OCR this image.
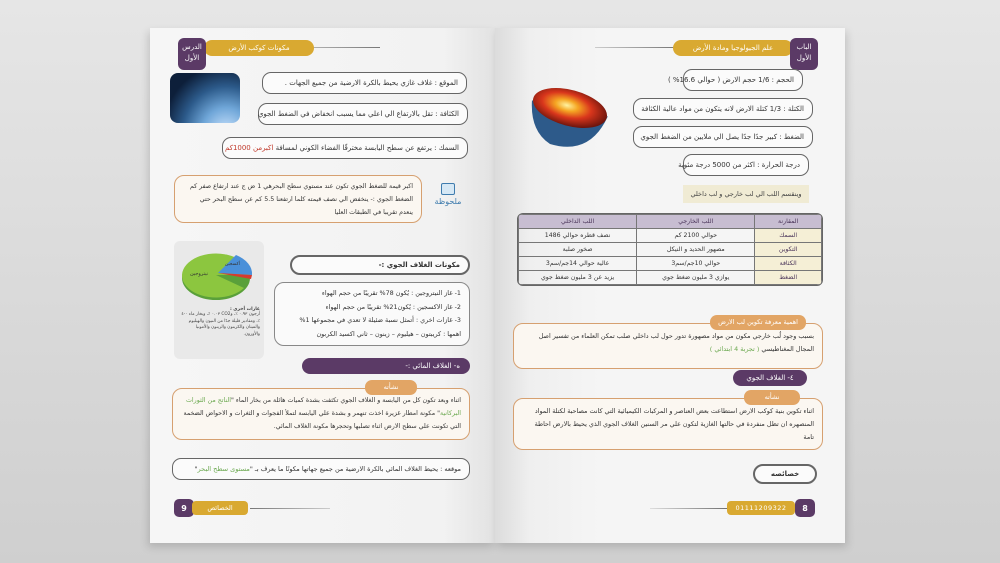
مكونات كوكب الأرض
الدرس
الأول
الموقع :

غلاف غازي يحيط بالكرة الارضية من جميع الجهات .
الكثافة :

تقل بالارتفاع الي اعلي مما يسبب انخفاض في الضغط الجوي
السمك :

يرتفع عن سطح اليابسة مخترقًا الفضاء الكوني لمسافة

اكبرمن 1000كم
اكبر قيمة للضغط الجوي تكون عند مستوي سطح البحرهي 1 ض ج عند ارتفاع صفر كم
الضغط الجوي :- ينخفض الي نصف قيمته كلما ارتفعنا 5.5 كم عن سطح البحر حتي
ينعدم تقريبا في الطبقات العليا
ملحوظة
نيتروجين
أكسجين
غازات أخرى :
أرجون ٠.٩٣ ٪، وCO2 ٠.٠٣ ٪، وبخار ماء ٠-٤ ٪، ومقادير قليلة جدًا من النيون والهيليوم والميثان والكربتون والزينون والأمونيا والأوزون.
مكونات الغلاف الجوي :-
1- غاز النيتروجين : يُكون 78% تقريبًا من حجم الهواء
2- غاز الاكسجين : يُكون21% تقريبًا من حجم الهواء
3- غازات اخري : أتمثل نسبة ضئيلة لا تعدي في مجموعها 1%
اهمها : كريبتون – هيليوم – زينون – ثاني اكسيد الكربون
ه- الغلاف المائي :-
نشأته
اثناء وبعد تكون كل من اليابسة و الغلاف الجوي تكثفت بشدة كميات هائلة من بخار الماء "الناتج من الثورات البركانية" مكونة امطار غزيرة اخذت تنهمر و بشدة علي اليابسة لتملأ الفجوات و الثغرات و الاحواض الضخمة التي تكونت علي سطح الارض اثناء تصلبها وتحجرها مكونة الغلاف المائي.
موقعه : يحيط الغلاف المائي بالكرة الارضية من جميع جهاتها مكونًا ما يعرف بـ "
مستوى سطح البحر
"
9	الخصائص
علم الجيولوجيا ومادة الأرض	الباب
الأول
الحجم : 1/6 حجم الارض ( حوالي 16.6% )
الكتلة : 1/3 كتلة الارض لانه يتكون من مواد عالية الكثافة
الضغط : كبير جدًا جدًا يصل الي ملايين من الضغط الجوي
درجة الحرارة : اكثر من 5000 درجة مئوية
وينقسم اللب الي لب خارجي و لب داخلي
المقارنة	اللب الخارجي	اللب الداخلي
السمك	حوالي 2100 كم	نصف قطره حوالي 1486
التكوين	مصهور الحديد و النيكل	صخور صلبة
الكثافة	حوالي 10جم/سم3	عالية حوالي 14جم/سم3
الضغط	يوازي 3 مليون ضغط جوي	يزيد عن 3 مليون ضغط جوي
اهمية معرفة تكوين لب الارض
بسبب وجود لُب خارجي مكون من مواد مصهورة تدور حول لب داخلي صلب تمكن العلماء من تفسير اصل المجال المغناطيسي ( تجربة 4 ابتدائي )
٤- الغلاف الجوي
نشأته
اثناء تكوين بنية كوكب الارض استطاعت بعض العناصر و المركبات الكيميائية التي كانت مصاحبة لكتلة المواد المنصهره ان تظل منفردة في حالتها الغازية لتكون علي مر السنين الغلاف الجوي الذي يحيط بالارض احاطة تامة
خصائصه
01111209322	8
